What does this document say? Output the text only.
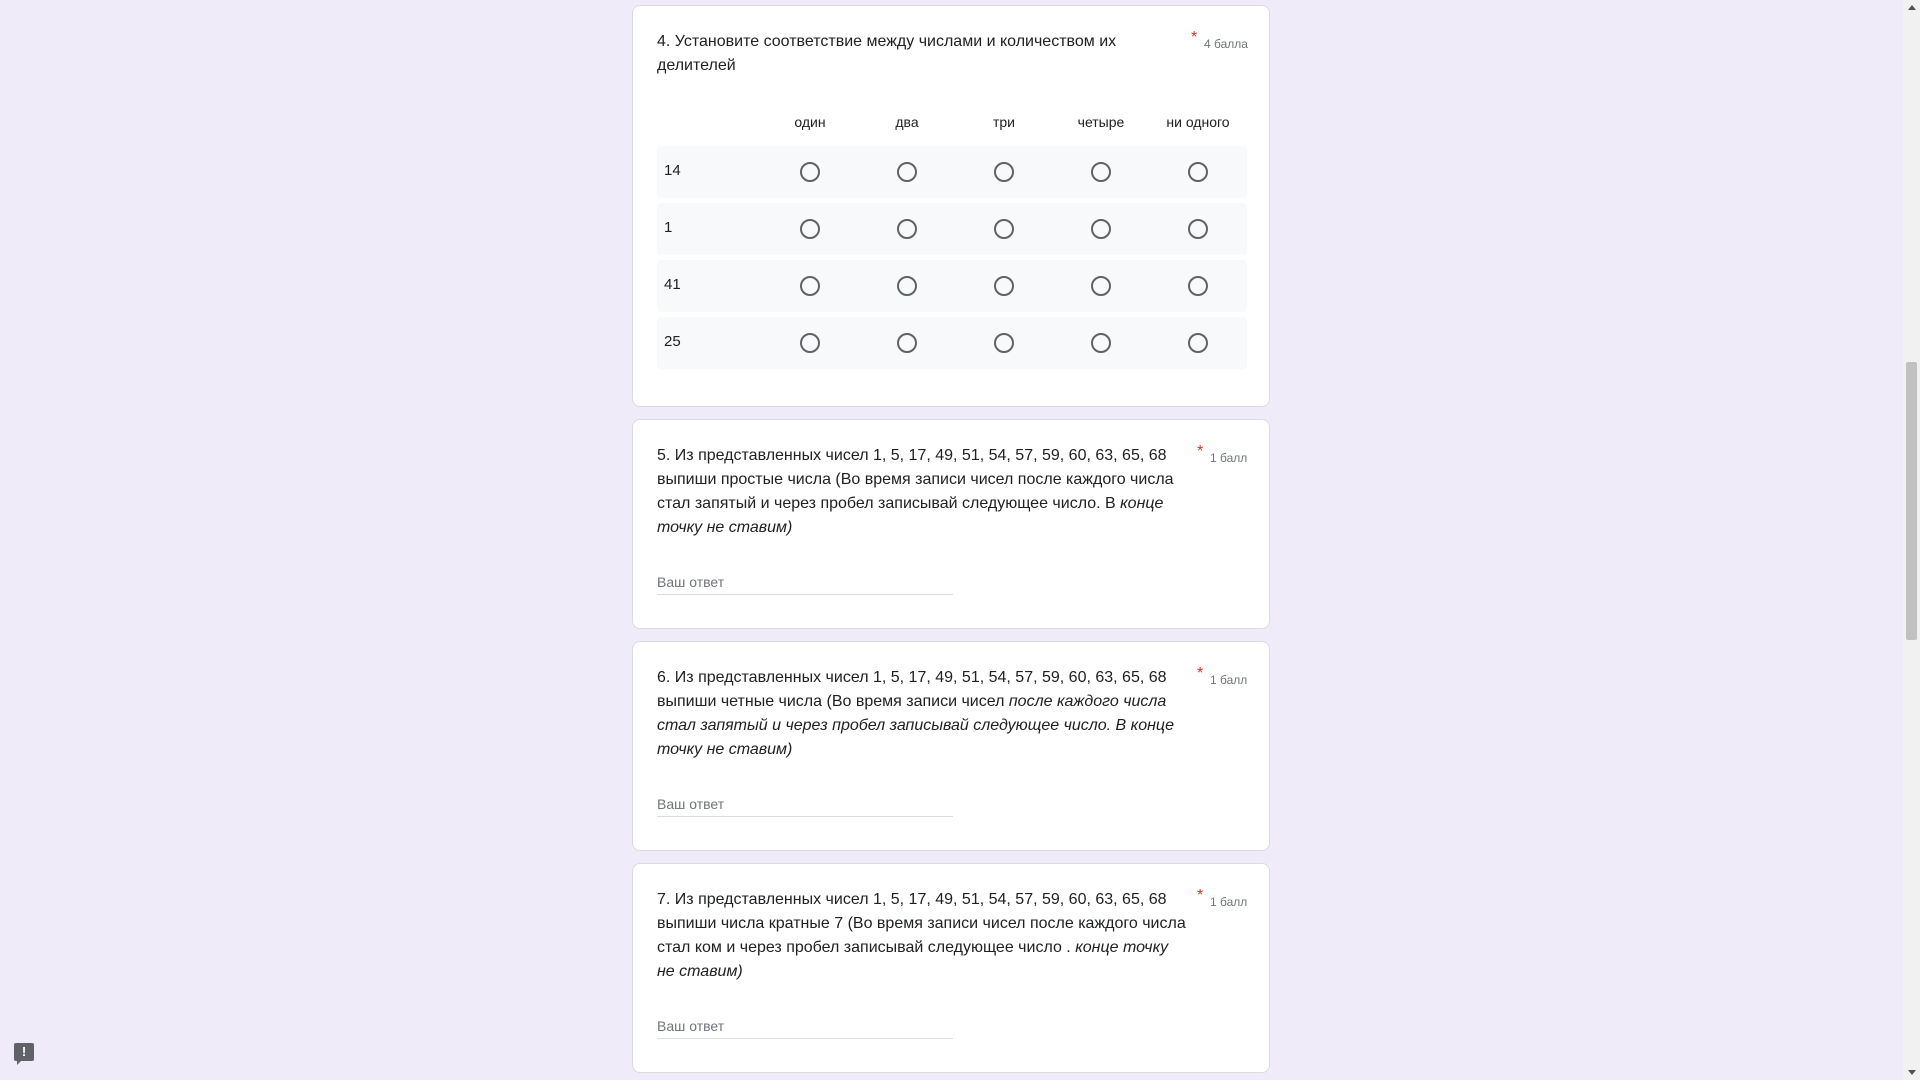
4. Установите соответствие между числами и количеством их делителей
* 4 балла
один	два	три	четыре	ни одного
14
1
41
25
5. Из представленных чисел 1, 5, 17, 49, 51, 54, 57, 59, 60, 63, 65, 68 выпиши простые числа (Во время записи чисел после каждого числа стал запятый и через пробел записывай следующее число. В конце точку не ставим)
* 1 балл
Ваш ответ
6. Из представленных чисел 1, 5, 17, 49, 51, 54, 57, 59, 60, 63, 65, 68 выпиши четные числа (Во время записи чисел после каждого числа стал запятый и через пробел записывай следующее число. В конце точку не ставим)
* 1 балл
Ваш ответ
7. Из представленных чисел 1, 5, 17, 49, 51, 54, 57, 59, 60, 63, 65, 68 выпиши числа кратные 7 (Во время записи чисел после каждого числа стал ком и через пробел записывай следующее число . конце точку не ставим)
* 1 балл
Ваш ответ
!
